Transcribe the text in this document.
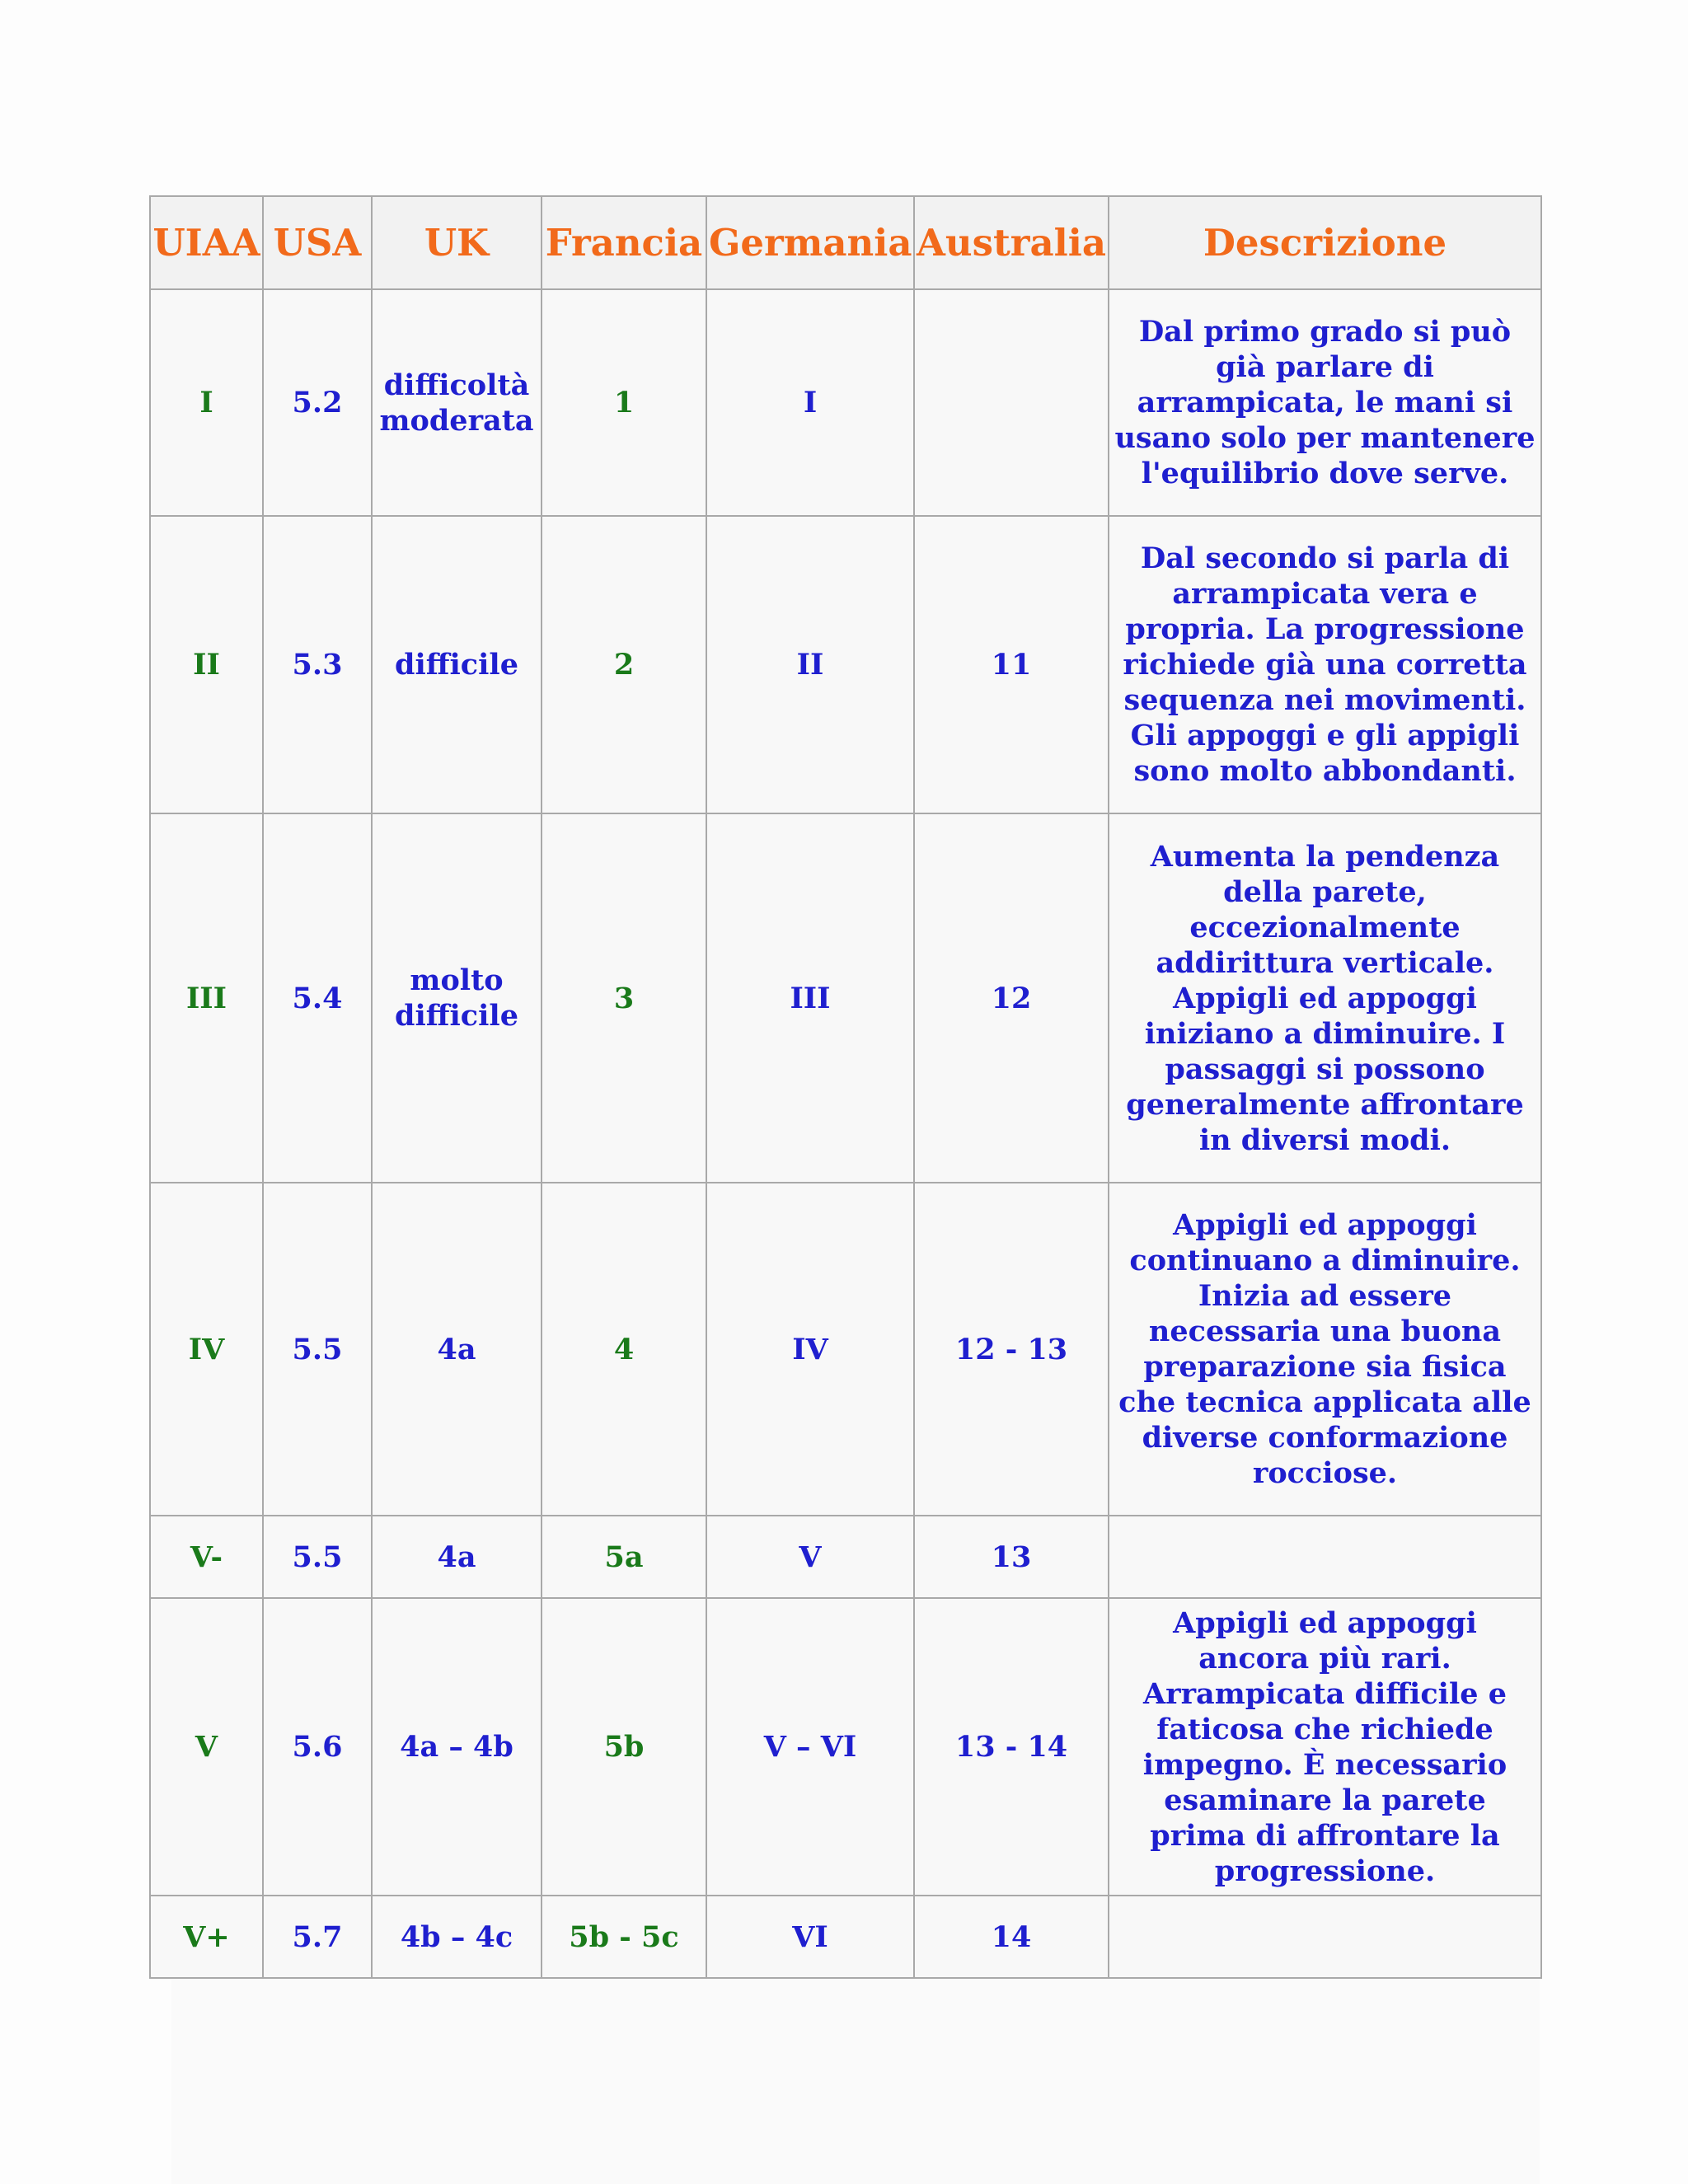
UIAA	USA	UK	Francia	Germania	Australia	Descrizione
I	5.2	difficoltà moderata	1	I		Dal primo grado si può già parlare di arrampicata, le mani si usano solo per mantenere l'equilibrio dove serve.
II	5.3	difficile	2	II	11	Dal secondo si parla di arrampicata vera e propria. La progressione richiede già una corretta sequenza nei movimenti. Gli appoggi e gli appigli sono molto abbondanti.
III	5.4	molto difficile	3	III	12	Aumenta la pendenza della parete, eccezionalmente addirittura verticale. Appigli ed appoggi iniziano a diminuire. I passaggi si possono generalmente affrontare in diversi modi.
IV	5.5	4a	4	IV	12 - 13	Appigli ed appoggi continuano a diminuire. Inizia ad essere necessaria una buona preparazione sia fisica che tecnica applicata alle diverse conformazione rocciose.
V-	5.5	4a	5a	V	13	
V	5.6	4a – 4b	5b	V – VI	13 - 14	Appigli ed appoggi ancora più rari. Arrampicata difficile e faticosa che richiede impegno. È necessario esaminare la parete prima di affrontare la progressione.
V+	5.7	4b – 4c	5b - 5c	VI	14	
